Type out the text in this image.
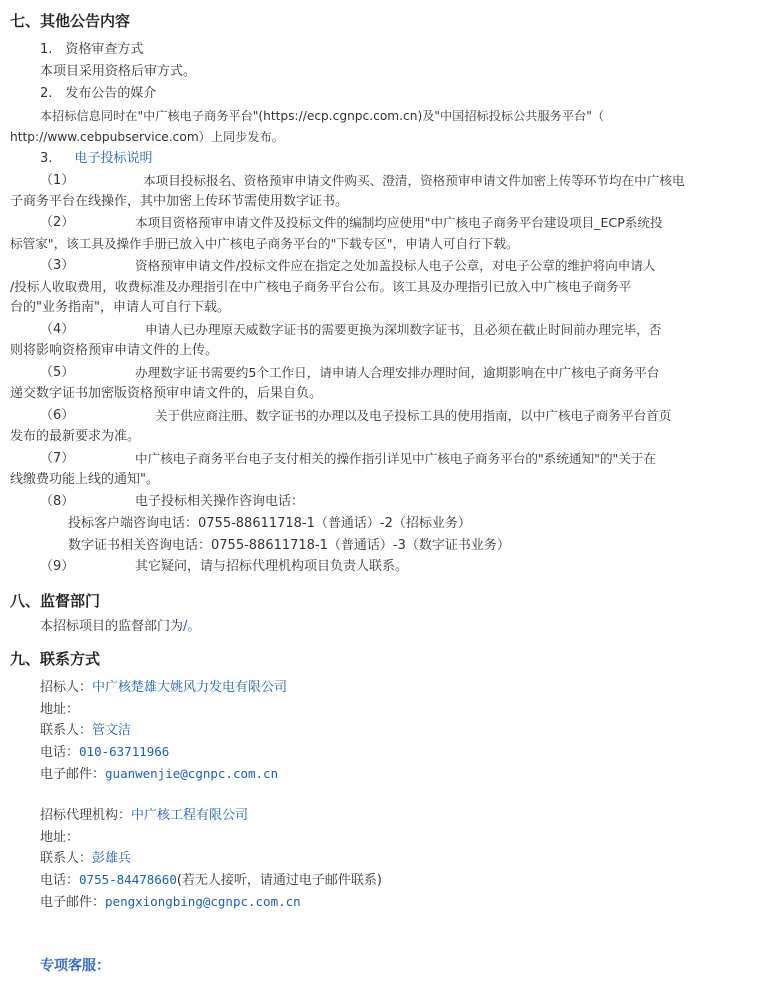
七、其他公告内容
1.　资格审查方式
本项目采用资格后审方式。
2.　发布公告的媒介
本招标信息同时在"中广核电子商务平台"(https://ecp.cgnpc.com.cn)及"中国招标投标公共服务平台"（
http://www.cebpubservice.com）上同步发布。
3. 电子投标说明
（1）	本项目投标报名、资格预审申请文件购买、澄清，资格预审申请文件加密上传等环节均在中广核电
子商务平台在线操作，其中加密上传环节需使用数字证书。
（2）	本项目资格预审申请文件及投标文件的编制均应使用"中广核电子商务平台建设项目_ECP系统投
标管家"，该工具及操作手册已放入中广核电子商务平台的"下载专区"，申请人可自行下载。
（3）	资格预审申请文件/投标文件应在指定之处加盖投标人电子公章，对电子公章的维护将向申请人
/投标人收取费用，收费标准及办理指引在中广核电子商务平台公布。该工具及办理指引已放入中广核电子商务平
台的"业务指南"，申请人可自行下载。
（4）	申请人已办理原天威数字证书的需要更换为深圳数字证书，且必须在截止时间前办理完毕，否
则将影响资格预审申请文件的上传。
（5）	办理数字证书需要约5个工作日，请申请人合理安排办理时间，逾期影响在中广核电子商务平台
递交数字证书加密版资格预审申请文件的，后果自负。
（6）	关于供应商注册、数字证书的办理以及电子投标工具的使用指南，以中广核电子商务平台首页
发布的最新要求为准。
（7）	中广核电子商务平台电子支付相关的操作指引详见中广核电子商务平台的"系统通知"的"关于在
线缴费功能上线的通知"。
（8）	电子投标相关操作咨询电话：
投标客户端咨询电话：0755-88611718-1（普通话）-2（招标业务）
数字证书相关咨询电话：0755-88611718-1（普通话）-3（数字证书业务）
（9）	其它疑问，请与招标代理机构项目负责人联系。
八、监督部门
本招标项目的监督部门为/。
九、联系方式
招标人：中广核楚雄大姚风力发电有限公司
地址：
联系人：管文洁
电话：010-63711966
电子邮件：guanwenjie@cgnpc.com.cn
招标代理机构：中广核工程有限公司
地址：
联系人：彭雄兵
电话：0755-84478660(若无人接听，请通过电子邮件联系)
电子邮件：pengxiongbing@cgnpc.com.cn
专项客服：
